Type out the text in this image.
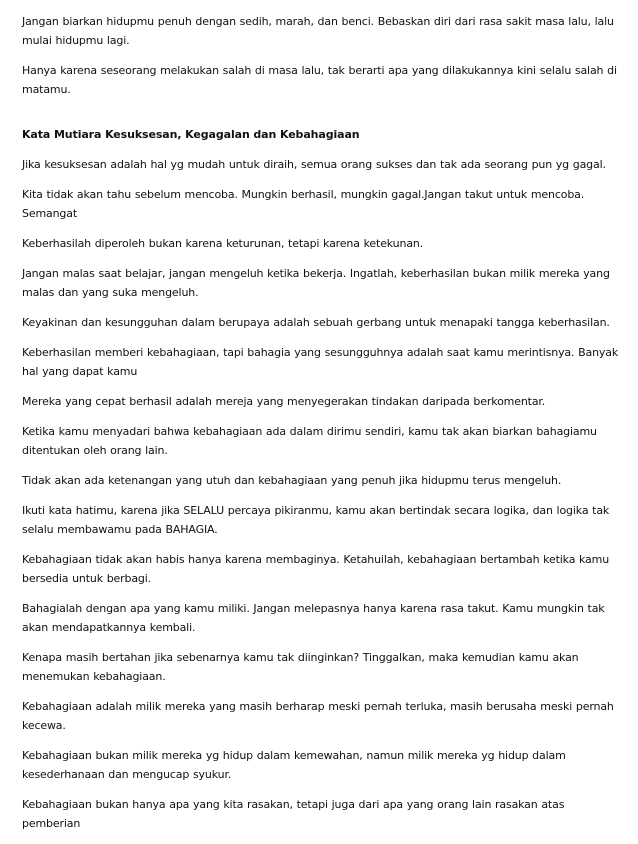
Jangan biarkan hidupmu penuh dengan sedih, marah, dan benci. Bebaskan diri dari rasa sakit masa lalu, lalu mulai hidupmu lagi.

Hanya karena seseorang melakukan salah di masa lalu, tak berarti apa yang dilakukannya kini selalu salah di matamu.

Kata Mutiara Kesuksesan, Kegagalan dan Kebahagiaan

Jika kesuksesan adalah hal yg mudah untuk diraih, semua orang sukses dan tak ada seorang pun yg gagal.

Kita tidak akan tahu sebelum mencoba. Mungkin berhasil, mungkin gagal.Jangan takut untuk mencoba. Semangat

Keberhasilah diperoleh bukan karena keturunan, tetapi karena ketekunan.

Jangan malas saat belajar, jangan mengeluh ketika bekerja. Ingatlah, keberhasilan bukan milik mereka yang malas dan yang suka mengeluh.

Keyakinan dan kesungguhan dalam berupaya adalah sebuah gerbang untuk menapaki tangga keberhasilan.

Keberhasilan memberi kebahagiaan, tapi bahagia yang sesungguhnya adalah saat kamu merintisnya. Banyak hal yang dapat kamu

Mereka yang cepat berhasil adalah mereja yang menyegerakan tindakan daripada berkomentar.

Ketika kamu menyadari bahwa kebahagiaan ada dalam dirimu sendiri, kamu tak akan biarkan bahagiamu ditentukan oleh orang lain.

Tidak akan ada ketenangan yang utuh dan kebahagiaan yang penuh jika hidupmu terus mengeluh.

Ikuti kata hatimu, karena jika SELALU percaya pikiranmu, kamu akan bertindak secara logika, dan logika tak selalu membawamu pada BAHAGIA.

Kebahagiaan tidak akan habis hanya karena membaginya. Ketahuilah, kebahagiaan bertambah ketika kamu bersedia untuk berbagi.

Bahagialah dengan apa yang kamu miliki. Jangan melepasnya hanya karena rasa takut. Kamu mungkin tak akan mendapatkannya kembali.

Kenapa masih bertahan jika sebenarnya kamu tak diinginkan? Tinggalkan, maka kemudian kamu akan menemukan kebahagiaan.

Kebahagiaan adalah milik mereka yang masih berharap meski pernah terluka, masih berusaha meski pernah kecewa.

Kebahagiaan bukan milik mereka yg hidup dalam kemewahan, namun milik mereka yg hidup dalam kesederhanaan dan mengucap syukur.

Kebahagiaan bukan hanya apa yang kita rasakan, tetapi juga dari apa yang orang lain rasakan atas pemberian
